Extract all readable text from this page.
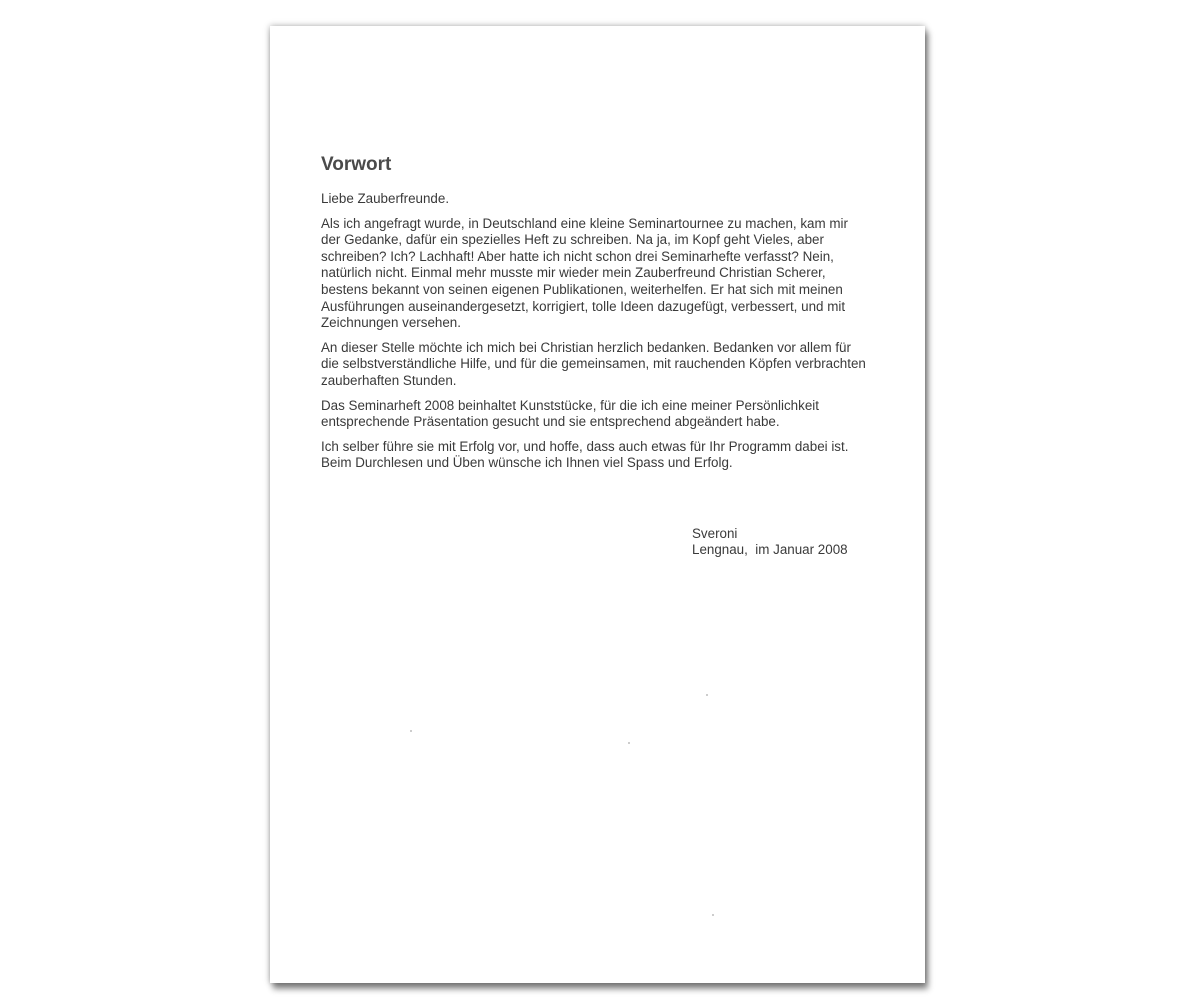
Vorwort
Liebe Zauberfreunde.
Als ich angefragt wurde, in Deutschland eine kleine Seminartournee zu machen, kam mir der Gedanke, dafür ein spezielles Heft zu schreiben. Na ja, im Kopf geht Vieles, aber schreiben? Ich? Lachhaft! Aber hatte ich nicht schon drei Seminarhefte verfasst? Nein, natürlich nicht. Einmal mehr musste mir wieder mein Zauberfreund Christian Scherer, bestens bekannt von seinen eigenen Publikationen, weiterhelfen. Er hat sich mit meinen Ausführungen auseinandergesetzt, korrigiert, tolle Ideen dazugefügt, verbessert, und mit Zeichnungen versehen.
An dieser Stelle möchte ich mich bei Christian herzlich bedanken. Bedanken vor allem für die selbstverständliche Hilfe, und für die gemeinsamen, mit rauchenden Köpfen verbrachten zauberhaften Stunden.
Das Seminarheft 2008 beinhaltet Kunststücke, für die ich eine meiner Persönlichkeit entsprechende Präsentation gesucht und sie entsprechend abgeändert habe.
Ich selber führe sie mit Erfolg vor, und hoffe, dass auch etwas für Ihr Programm dabei ist. Beim Durchlesen und Üben wünsche ich Ihnen viel Spass und Erfolg.
Sveroni
Lengnau,  im Januar 2008
